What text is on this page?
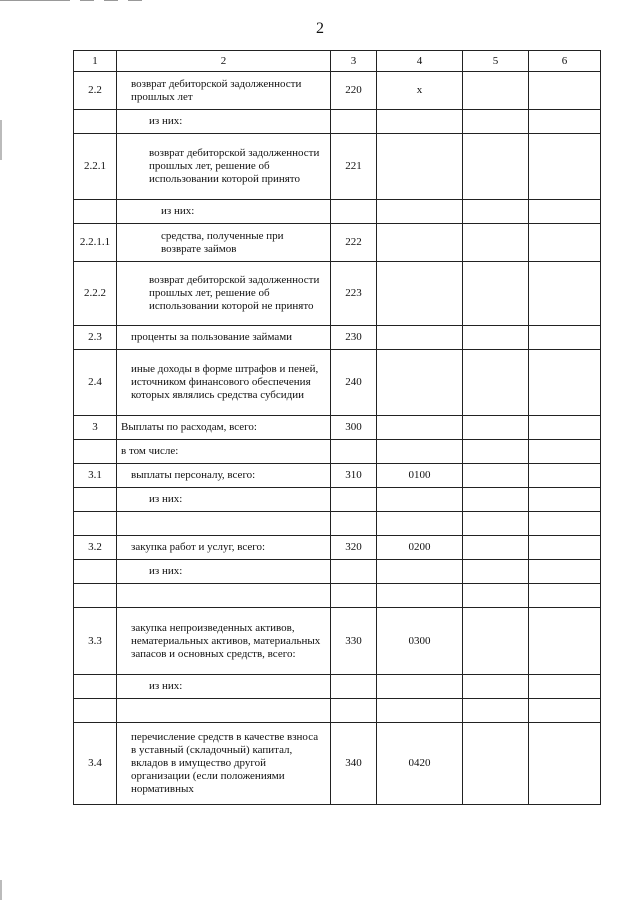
2
1	2	3	4	5	6
2.2	возврат дебиторской задолженности прошлых лет	220	x		
	из них:				
2.2.1	возврат дебиторской задолженности прошлых лет, решение об использовании которой принято	221			
	из них:				
2.2.1.1	средства, полученные при возврате займов	222			
2.2.2	возврат дебиторской задолженности прошлых лет, решение об использовании которой не принято	223			
2.3	проценты за пользование займами	230			
2.4	иные доходы в форме штрафов и пеней, источником финансового обеспечения которых являлись средства субсидии	240			
3	Выплаты по расходам, всего:	300			
	в том числе:				
3.1	выплаты персоналу, всего:	310	0100		
	из них:				

3.2	закупка работ и услуг, всего:	320	0200		
	из них:				

3.3	закупка непроизведенных активов, нематериальных активов, материальных запасов и основных средств, всего:	330	0300		
	из них:				

3.4	перечисление средств в качестве взноса в уставный (складочный) капитал, вкладов в имущество другой организации (если положениями нормативных	340	0420		
